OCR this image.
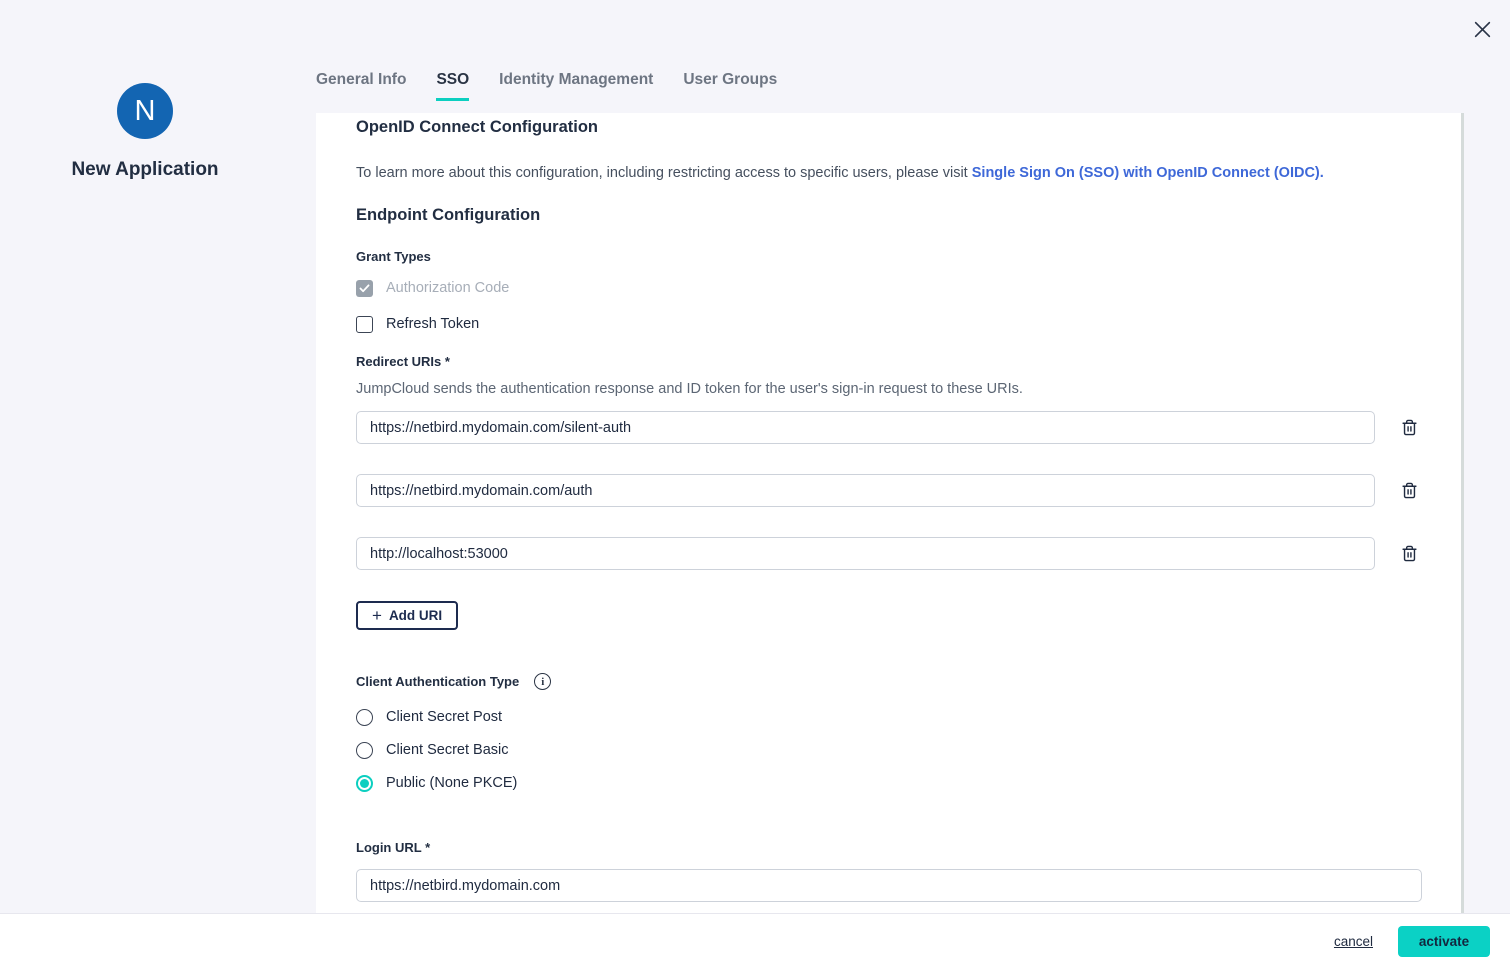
N
New Application
General Info SSO Identity Management User Groups
OpenID Connect Configuration
To learn more about this configuration, including restricting access to specific users, please visit Single Sign On (SSO) with OpenID Connect (OIDC).
Endpoint Configuration
Grant Types
Authorization Code
Refresh Token
Redirect URIs *
JumpCloud sends the authentication response and ID token for the user's sign-in request to these URIs.
https://netbird.mydomain.com/silent-auth
https://netbird.mydomain.com/auth
http://localhost:53000
+ Add URI
Client Authentication Type	i
Client Secret Post
Client Secret Basic
Public (None PKCE)
Login URL *
https://netbird.mydomain.com
cancel	activate
